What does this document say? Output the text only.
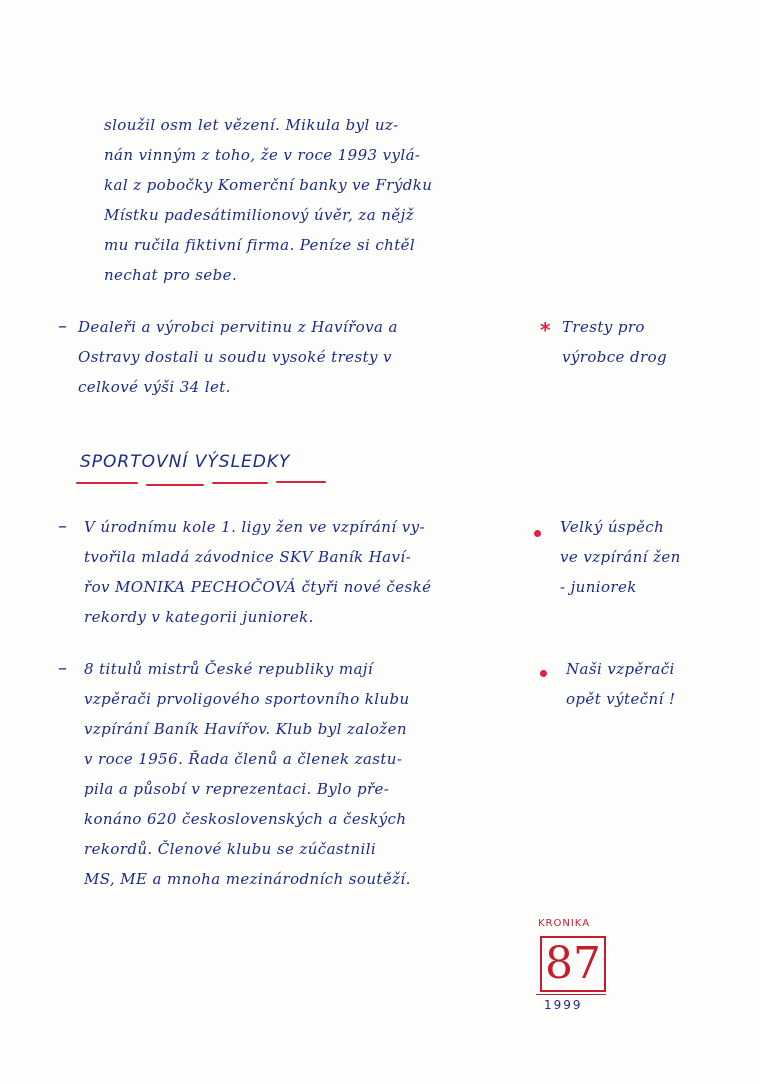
sloužil osm let vězení. Mikula byl uz-
nán vinným z toho, že v roce 1993 vylá-
kal z pobočky Komerční banky ve Frýdku
Místku padesátimilionový úvěr, za nějž
mu ručila fiktivní firma. Peníze si chtěl
nechat pro sebe.
– Dealeři a výrobci pervitinu z Havířova a
Ostravy dostali u soudu vysoké tresty v
celkové výši 34 let.
* Tresty pro
výrobce drog
SPORTOVNÍ VÝSLEDKY
– V úrodnímu kole 1. ligy žen ve vzpírání vy-
tvořila mladá závodnice SKV Baník Haví-
řov MONIKA PECHOČOVÁ čtyři nové české
rekordy v kategorii juniorek.
Velký úspěch
ve vzpírání žen
- juniorek
– 8 titulů mistrů České republiky mají
vzpěrači prvoligového sportovního klubu
vzpírání Baník Havířov. Klub byl založen
v roce 1956. Řada členů a členek zastu-
pila a působí v reprezentaci. Bylo pře-
konáno 620 československých a českých
rekordů. Členové klubu se zúčastnili
MS, ME a mnoha mezinárodních soutěží.
Naši vzpěrači
opět výteční !
KRONIKA
87
1999
